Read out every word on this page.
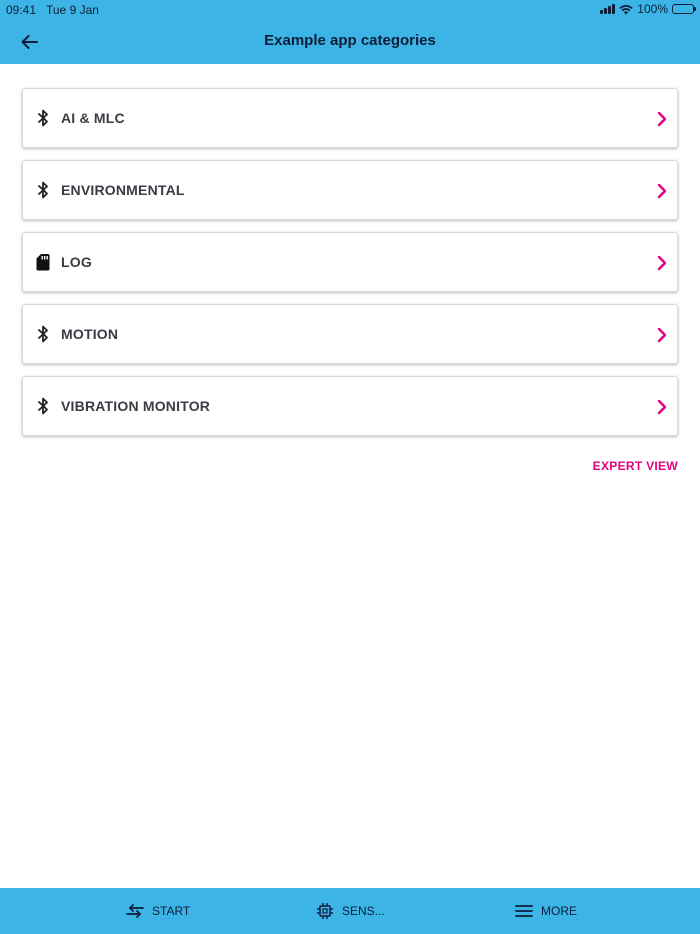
09:41 Tue 9 Jan	100%
Example app categories
AI & MLC
ENVIRONMENTAL
LOG
MOTION
VIBRATION MONITOR
EXPERT VIEW
START	SENS...	MORE
